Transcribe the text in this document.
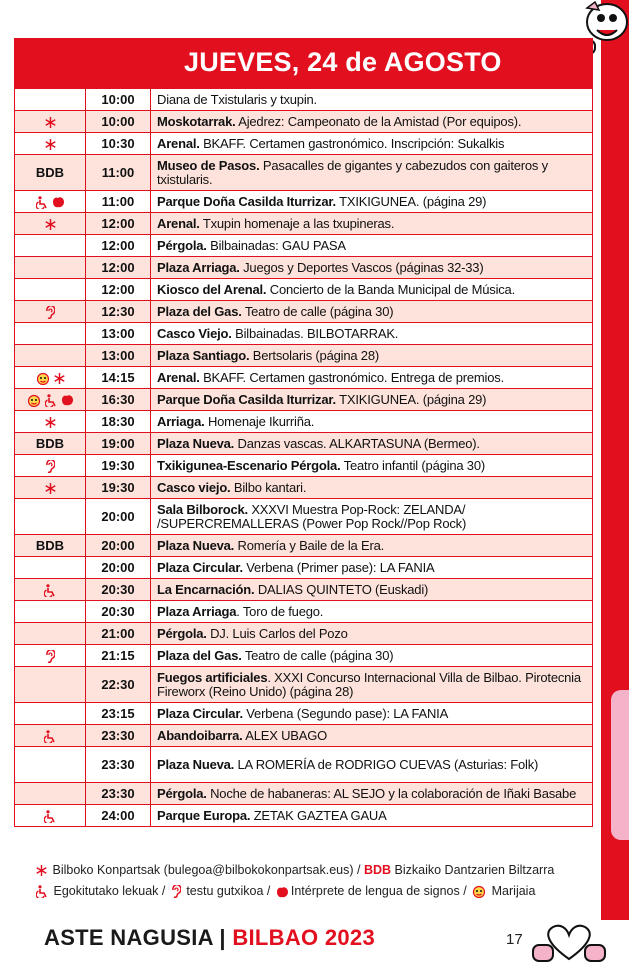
JUEVES, 24 de AGOSTO
	10:00	Diana de Txistularis y txupin.
	10:00	Moskotarrak. Ajedrez: Campeonato de la Amistad (Por equipos).
	10:30	Arenal. BKAFF. Certamen gastronómico. Inscripción: Sukalkis
BDB	11:00	Museo de Pasos. Pasacalles de gigantes y cabezudos con gaiteros y txistularis.
	11:00	Parque Doña Casilda Iturrizar. TXIKIGUNEA. (página 29)
	12:00	Arenal. Txupin homenaje a las txupineras.
	12:00	Pérgola. Bilbainadas: GAU PASA
	12:00	Plaza Arriaga. Juegos y Deportes Vascos (páginas 32-33)
	12:00	Kiosco del Arenal. Concierto de la Banda Municipal de Música.
	12:30	Plaza del Gas. Teatro de calle (página 30)
	13:00	Casco Viejo. Bilbainadas. BILBOTARRAK.
	13:00	Plaza Santiago. Bertsolaris (página 28)
	14:15	Arenal. BKAFF. Certamen gastronómico. Entrega de premios.
	16:30	Parque Doña Casilda Iturrizar. TXIKIGUNEA. (página 29)
	18:30	Arriaga. Homenaje Ikurriña.
BDB	19:00	Plaza Nueva. Danzas vascas. ALKARTASUNA (Bermeo).
	19:30	Txikigunea-Escenario Pérgola. Teatro infantil (página 30)
	19:30	Casco viejo. Bilbo kantari.
	20:00	Sala Bilborock. XXXVI Muestra Pop-Rock: ZELANDA/ /SUPERCREMALLERAS (Power Pop Rock//Pop Rock)
BDB	20:00	Plaza Nueva. Romería y Baile de la Era.
	20:00	Plaza Circular. Verbena (Primer pase): LA FANIA
	20:30	La Encarnación. DALIAS QUINTETO (Euskadi)
	20:30	Plaza Arriaga. Toro de fuego.
	21:00	Pérgola. DJ. Luis Carlos del Pozo
	21:15	Plaza del Gas. Teatro de calle (página 30)
	22:30	Fuegos artificiales. XXXI Concurso Internacional Villa de Bilbao. Pirotecnia Fireworx (Reino Unido) (página 28)
	23:15	Plaza Circular. Verbena (Segundo pase): LA FANIA
	23:30	Abandoibarra. ALEX UBAGO
	23:30	Plaza Nueva. LA ROMERÍA de RODRIGO CUEVAS (Asturias: Folk)
	23:30	Pérgola. Noche de habaneras: AL SEJO y la colaboración de Iñaki Basabe
	24:00	Parque Europa. ZETAK GAZTEA GAUA
Bilboko Konpartsak (bulegoa@bilbokokonpartsak.eus) / BDB Bizkaiko Dantzarien Biltzarra
Egokitutako lekuak /  testu gutxikoa / Intérprete de lengua de signos /  Marijaia
ASTE NAGUSIA | BILBAO 2023	17
